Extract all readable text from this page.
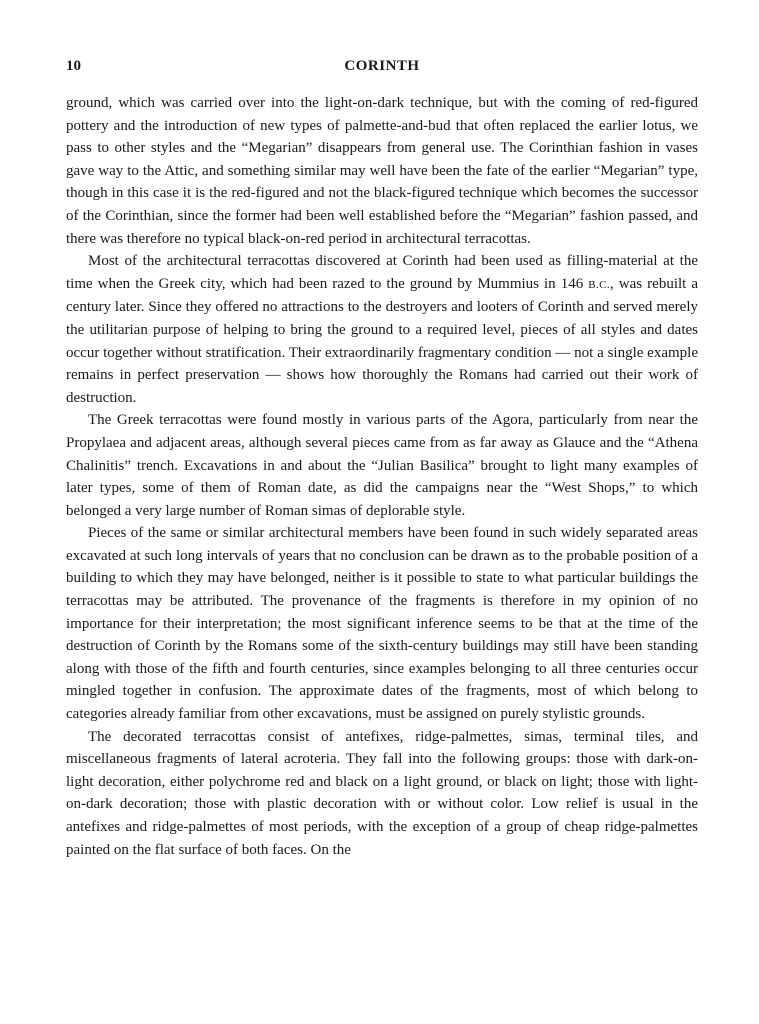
10	CORINTH

ground, which was carried over into the light-on-dark technique, but with the coming of red-figured pottery and the introduction of new types of palmette-and-bud that often replaced the earlier lotus, we pass to other styles and the “Megarian” disappears from general use. The Corinthian fashion in vases gave way to the Attic, and something similar may well have been the fate of the earlier “Megarian” type, though in this case it is the red-figured and not the black-figured technique which becomes the successor of the Corinthian, since the former had been well established before the “Megarian” fashion passed, and there was therefore no typical black-on-red period in architectural terracottas.

Most of the architectural terracottas discovered at Corinth had been used as filling-material at the time when the Greek city, which had been razed to the ground by Mummius in 146 B.C., was rebuilt a century later. Since they offered no attractions to the destroyers and looters of Corinth and served merely the utilitarian purpose of helping to bring the ground to a required level, pieces of all styles and dates occur together without stratification. Their extraordinarily fragmentary condition — not a single example remains in perfect preservation — shows how thoroughly the Romans had carried out their work of destruction.

The Greek terracottas were found mostly in various parts of the Agora, particularly from near the Propylaea and adjacent areas, although several pieces came from as far away as Glauce and the “Athena Chalinitis” trench. Excavations in and about the “Julian Basilica” brought to light many examples of later types, some of them of Roman date, as did the campaigns near the “West Shops,” to which belonged a very large number of Roman simas of deplorable style.

Pieces of the same or similar architectural members have been found in such widely separated areas excavated at such long intervals of years that no conclusion can be drawn as to the probable position of a building to which they may have belonged, neither is it possible to state to what particular buildings the terracottas may be attributed. The provenance of the fragments is therefore in my opinion of no importance for their interpretation; the most significant inference seems to be that at the time of the destruction of Corinth by the Romans some of the sixth-century buildings may still have been standing along with those of the fifth and fourth centuries, since examples belonging to all three centuries occur mingled together in confusion. The approximate dates of the fragments, most of which belong to categories already familiar from other excavations, must be assigned on purely stylistic grounds.

The decorated terracottas consist of antefixes, ridge-palmettes, simas, terminal tiles, and miscellaneous fragments of lateral acroteria. They fall into the following groups: those with dark-on-light decoration, either polychrome red and black on a light ground, or black on light; those with light-on-dark decoration; those with plastic decoration with or without color. Low relief is usual in the antefixes and ridge-palmettes of most periods, with the exception of a group of cheap ridge-palmettes painted on the flat surface of both faces. On the
